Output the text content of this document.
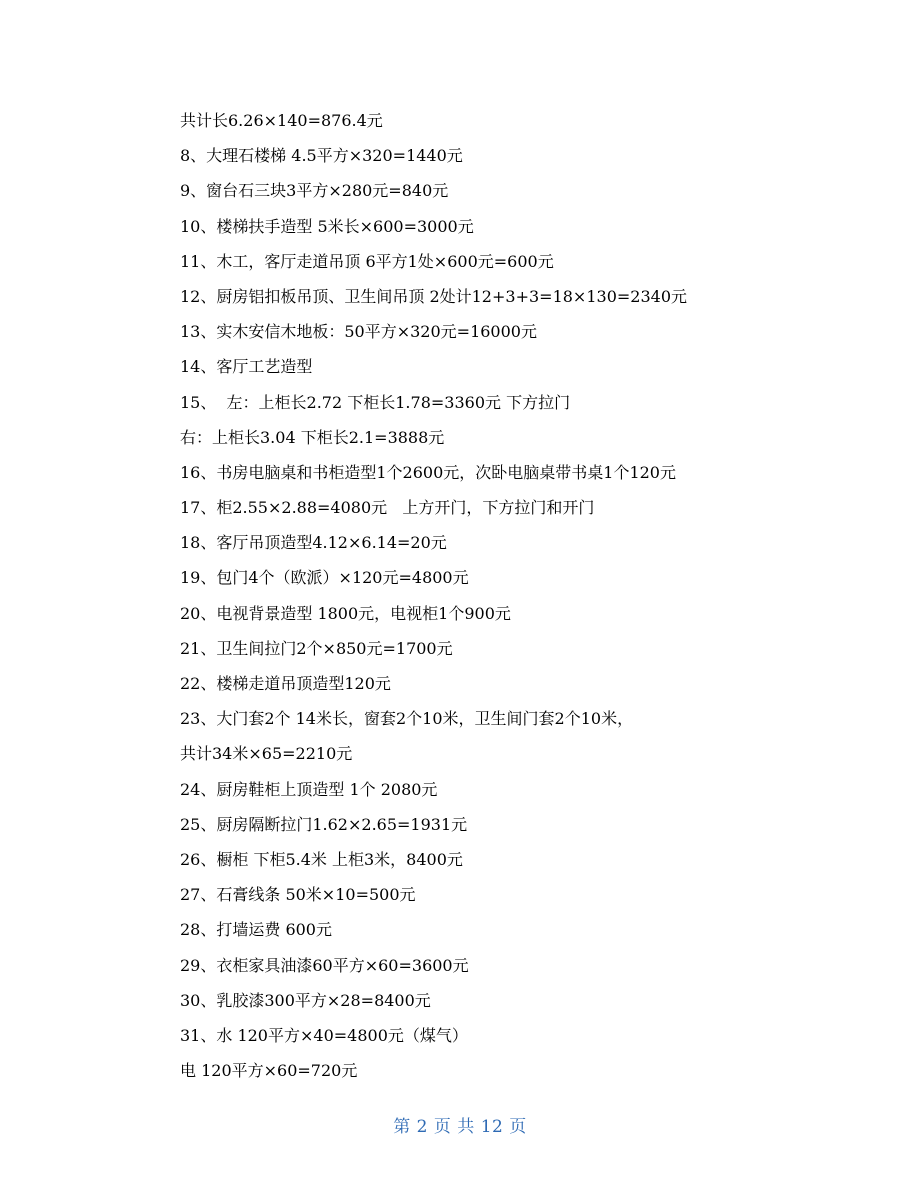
共计长6.26×140=876.4元
8、大理石楼梯 4.5平方×320=1440元
9、窗台石三块3平方×280元=840元
10、楼梯扶手造型 5米长×600=3000元
11、木工，客厅走道吊顶 6平方1处×600元=600元
12、厨房铝扣板吊顶、卫生间吊顶 2处计12+3+3=18×130=2340元
13、实木安信木地板：50平方×320元=16000元
14、客厅工艺造型
15、  左：上柜长2.72 下柜长1.78=3360元 下方拉门
右：上柜长3.04 下柜长2.1=3888元
16、书房电脑桌和书柜造型1个2600元，次卧电脑桌带书桌1个120元
17、柜2.55×2.88=4080元   上方开门，下方拉门和开门
18、客厅吊顶造型4.12×6.14=20元
19、包门4个（欧派）×120元=4800元
20、电视背景造型 1800元，电视柜1个900元
21、卫生间拉门2个×850元=1700元
22、楼梯走道吊顶造型120元
23、大门套2个 14米长，窗套2个10米，卫生间门套2个10米，
共计34米×65=2210元
24、厨房鞋柜上顶造型 1个 2080元
25、厨房隔断拉门1.62×2.65=1931元
26、橱柜 下柜5.4米 上柜3米，8400元
27、石膏线条 50米×10=500元
28、打墙运费 600元
29、衣柜家具油漆60平方×60=3600元
30、乳胶漆300平方×28=8400元
31、水 120平方×40=4800元（煤气）
电 120平方×60=720元
第 2 页 共 12 页
